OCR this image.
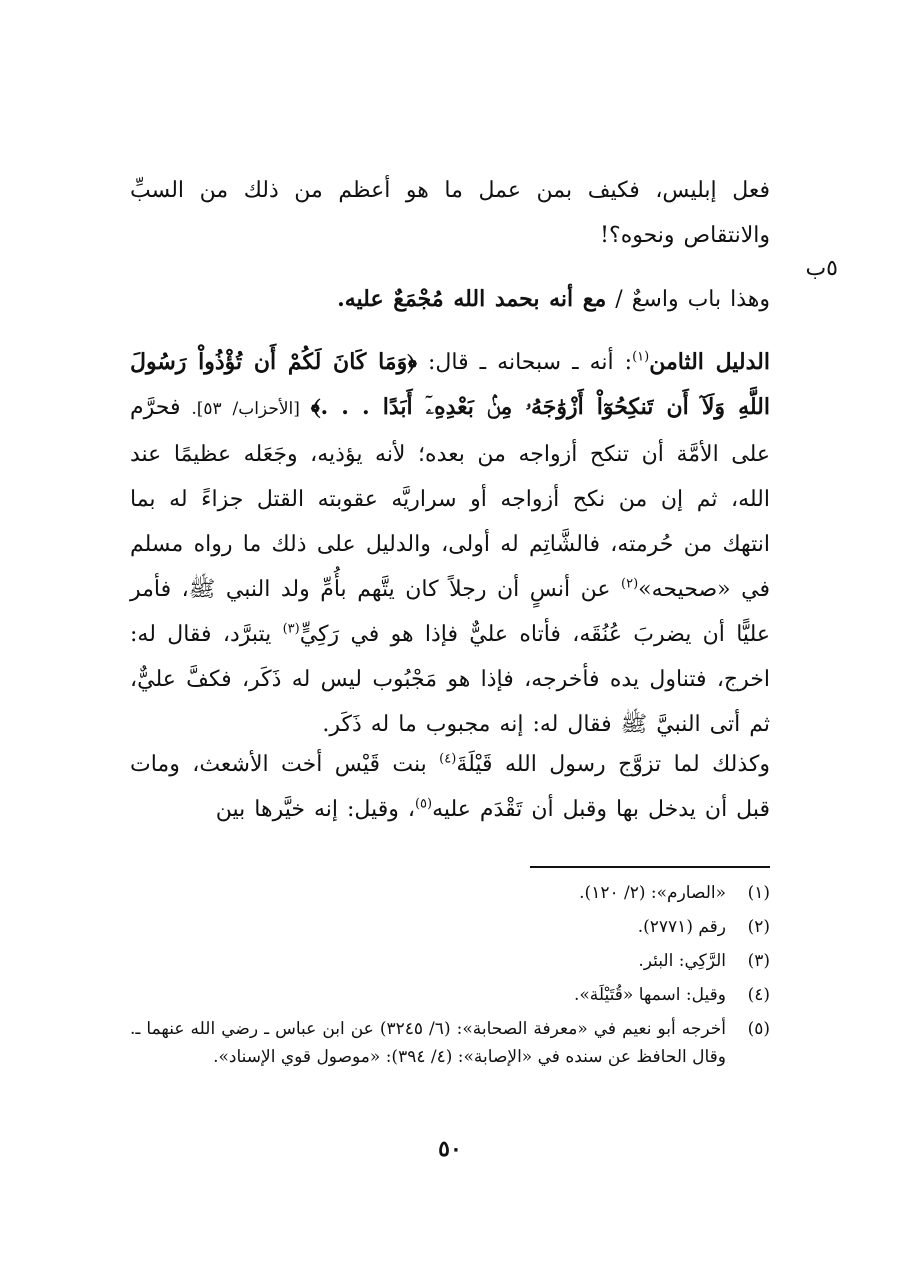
٥ب

فعل إبليس، فكيف بمن عمل ما هو أعظم من ذلك من السبِّ والانتقاص ونحوه؟!

وهذا باب واسعٌ / مع أنه بحمد الله مُجْمَعٌ عليه.

الدليل الثامن$^{(١)}$: أنه ـ سبحانه ـ قال: ﴿وَمَا كَانَ لَكُمْ أَن تُؤْذُواْ رَسُولَ اللَّهِ وَلَآ أَن تَنكِحُوٓاْ أَزْوَٰجَهُۥ مِنۢ بَعْدِهِۦٓ أَبَدًا . . .﴾ [الأحزاب/ ٥٣]. فحرَّم على الأمَّة أن تنكح أزواجه من بعده؛ لأنه يؤذيه، وجَعَله عظيمًا عند الله، ثم إن من نكح أزواجه أو سراريَّه عقوبته القتل جزاءً له بما انتهك من حُرمته، فالشَّاتِم له أولى، والدليل على ذلك ما رواه مسلم في «صحيحه»$^{(٢)}$ عن أنسٍ أن رجلاً كان يتَّهم بأُمِّ ولد النبي ﷺ، فأمر عليًّا أن يضربَ عُنُقَه، فأتاه عليٌّ فإذا هو في رَكِيٍّ$^{(٣)}$ يتبرَّد، فقال له: اخرج، فتناول يده فأخرجه، فإذا هو مَجْبُوب ليس له ذَكَر، فكفَّ عليٌّ، ثم أتى النبيَّ ﷺ فقال له: إنه مجبوب ما له ذَكَر.

وكذلك لما تزوَّج رسول الله قَيْلَةَ$^{(٤)}$ بنت قَيْس أخت الأشعث، ومات قبل أن يدخل بها وقبل أن تَقْدَم عليه$^{(٥)}$، وقيل: إنه خيَّرها بين

(١)
«الصارم»: (٢/ ١٢٠).
(٢)
رقم (٢٧٧١).
(٣)
الرَّكِي: البئر.
(٤)
وقيل: اسمها «قُتَيْلَة».
(٥)
أخرجه أبو نعيم في «معرفة الصحابة»: (٦/ ٣٢٤٥) عن ابن عباس ـ رضي الله عنهما ـ. وقال الحافظ عن سنده في «الإصابة»: (٤/ ٣٩٤): «موصول قوي الإسناد».
٥٠
